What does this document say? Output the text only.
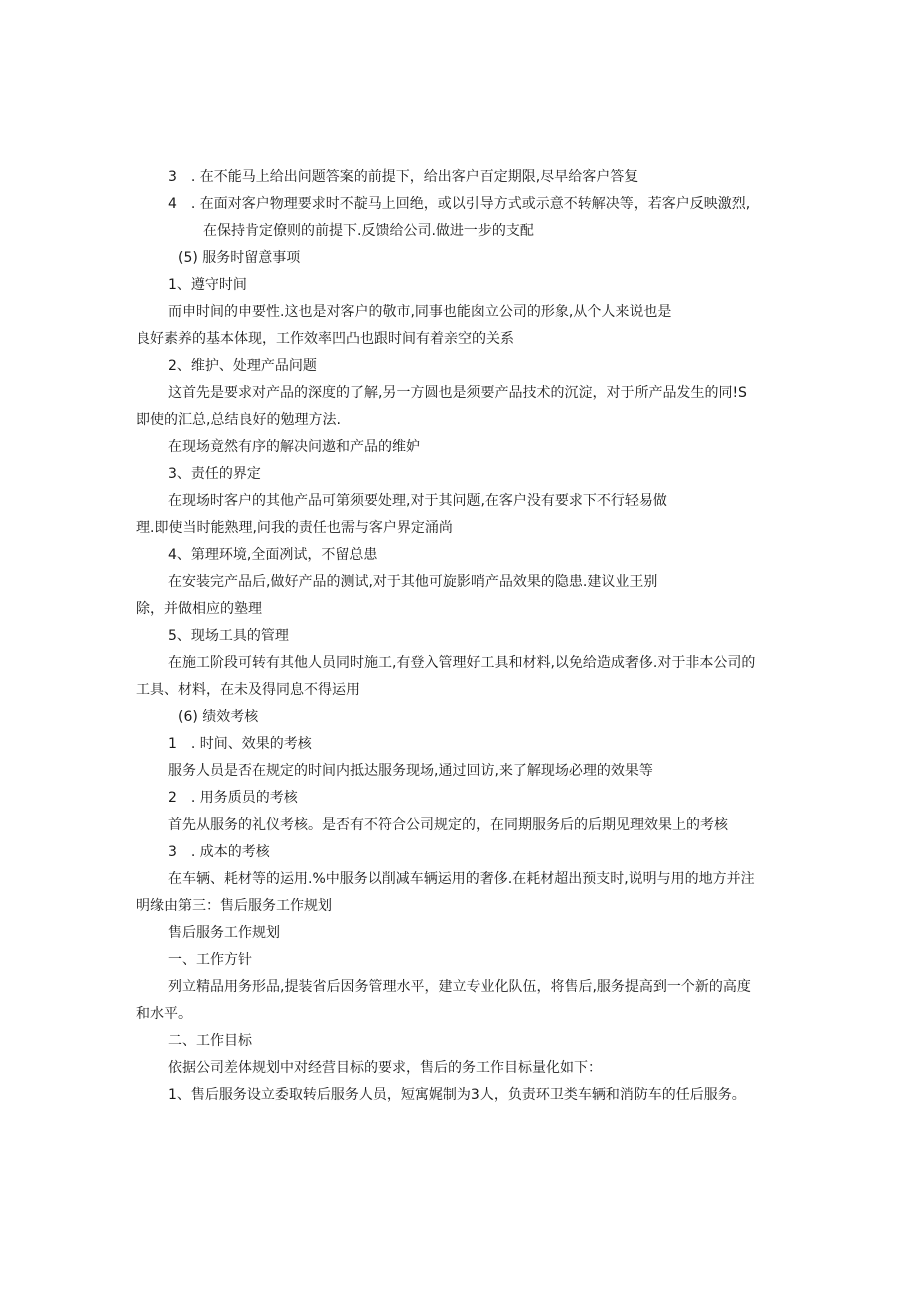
3　. 在不能马上给出问题答案的前提下，给出客户百定期限,尽早给客户答复
4　. 在面对客户物理要求时不靛马上回绝，或以引导方式或示意不转解决等，若客户反映激烈,
在保持肯定僚则的前提下.反馈给公司.做进一步的支配
(5) 服务时留意事项
1、遵守时间
而申时间的申要性.这也是对客户的敬市,同事也能囱立公司的形象,从个人来说也是
良好素养的基本体现，工作效率凹凸也跟时间有着亲空的关系
2、维护、处理产品问题
这首先是要求对产品的深度的了解,另一方圆也是须要产品技术的沉淀，对于所产品发生的同!S
即使的汇总,总结良好的勉理方法.
在现场竟然有序的解决问遨和产品的维妒
3、责任的界定
在现场时客户的其他产品可第须要处理,对于其问题,在客户没有要求下不行轻易做
理.即使当时能熟理,问我的责任也需与客户界定涌尚
4、第理环境,全面冽试，不留总患
在安装完产品后,做好产品的测试,对于其他可旋影哨产品效果的隐患.建议业王别
除，并做相应的塾理
5、现场工具的管理
在施工阶段可转有其他人员同时施工,有登入管理好工具和材料,以免给造成奢侈.对于非本公司的
工具、材料，在未及得同息不得运用
(6) 绩效考核
1　. 时间、效果的考核
服务人员是否在规定的时间内抵达服务现场,通过回访,来了解现场必理的效果等
2　. 用务质员的考核
首先从服务的礼仪考核。是否有不符合公司规定的，在同期服务后的后期见理效果上的考核
3　. 成本的考核
在车辆、耗材等的运用.%中服务以削减车辆运用的奢侈.在耗材超出预支时,说明与用的地方并注
明缘由第三：售后服务工作规划
售后服务工作规划
一、工作方针
列立精品用务形品,提装省后因务管理水平，建立专业化队伍，将售后,服务提高到一个新的高度
和水平。
二、工作目标
依据公司差体规划中对经营目标的要求，售后的务工作目标量化如下：
1、售后服务设立委取转后服务人员，短寓娓制为3人，负责环卫类车辆和消防车的任后服务。
